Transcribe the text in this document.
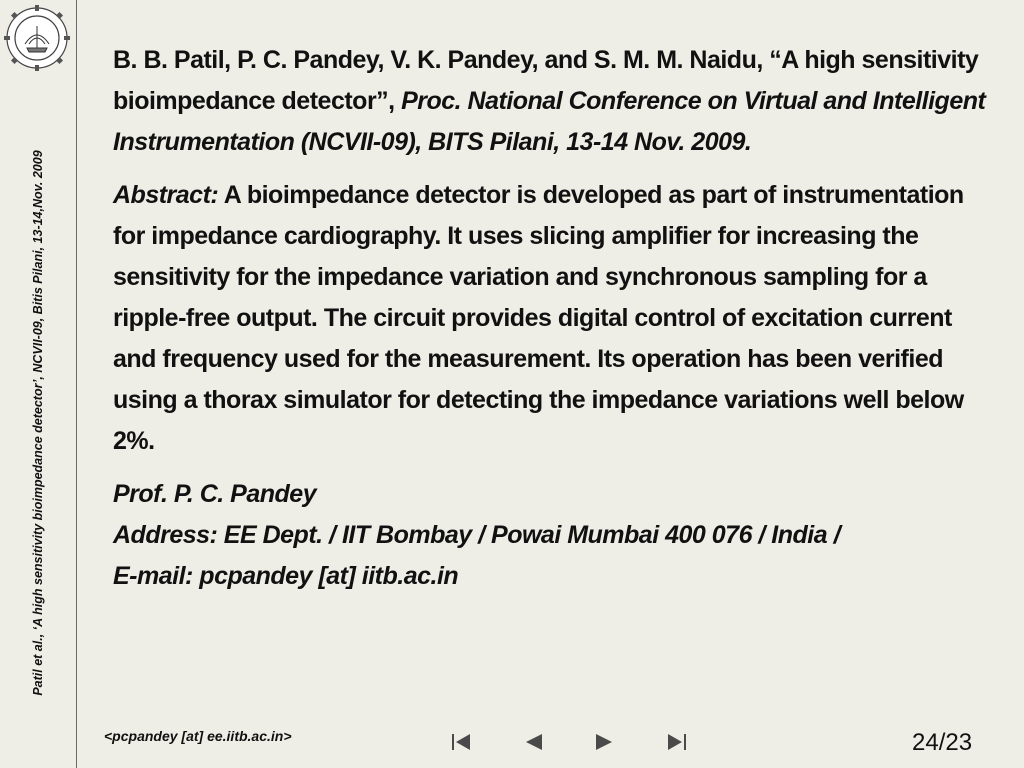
Patil et al., ‘A high sensitivity bioimpedance detector’, NCVII-09, Bitis Pilani, 13-14,Nov. 2009

B. B. Patil, P. C. Pandey, V. K. Pandey, and S. M. M. Naidu, “A high sensitivity bioimpedance detector”, Proc. National Conference on Virtual and Intelligent Instrumentation (NCVII-09), BITS Pilani, 13-14 Nov. 2009.

Abstract: A bioimpedance detector is developed as part of instrumentation for impedance cardiography. It uses slicing amplifier for increasing the sensitivity for the impedance variation and synchronous sampling for a ripple-free output. The circuit provides digital control of excitation current and frequency used for the measurement. Its operation has been verified using a thorax simulator for detecting the impedance variations well below 2%.

Prof. P. C. Pandey
Address: EE Dept. / IIT Bombay / Powai Mumbai 400 076 / India /
E-mail: pcpandey [at] iitb.ac.in

<pcpandey [at] ee.iitb.ac.in>	24/23
